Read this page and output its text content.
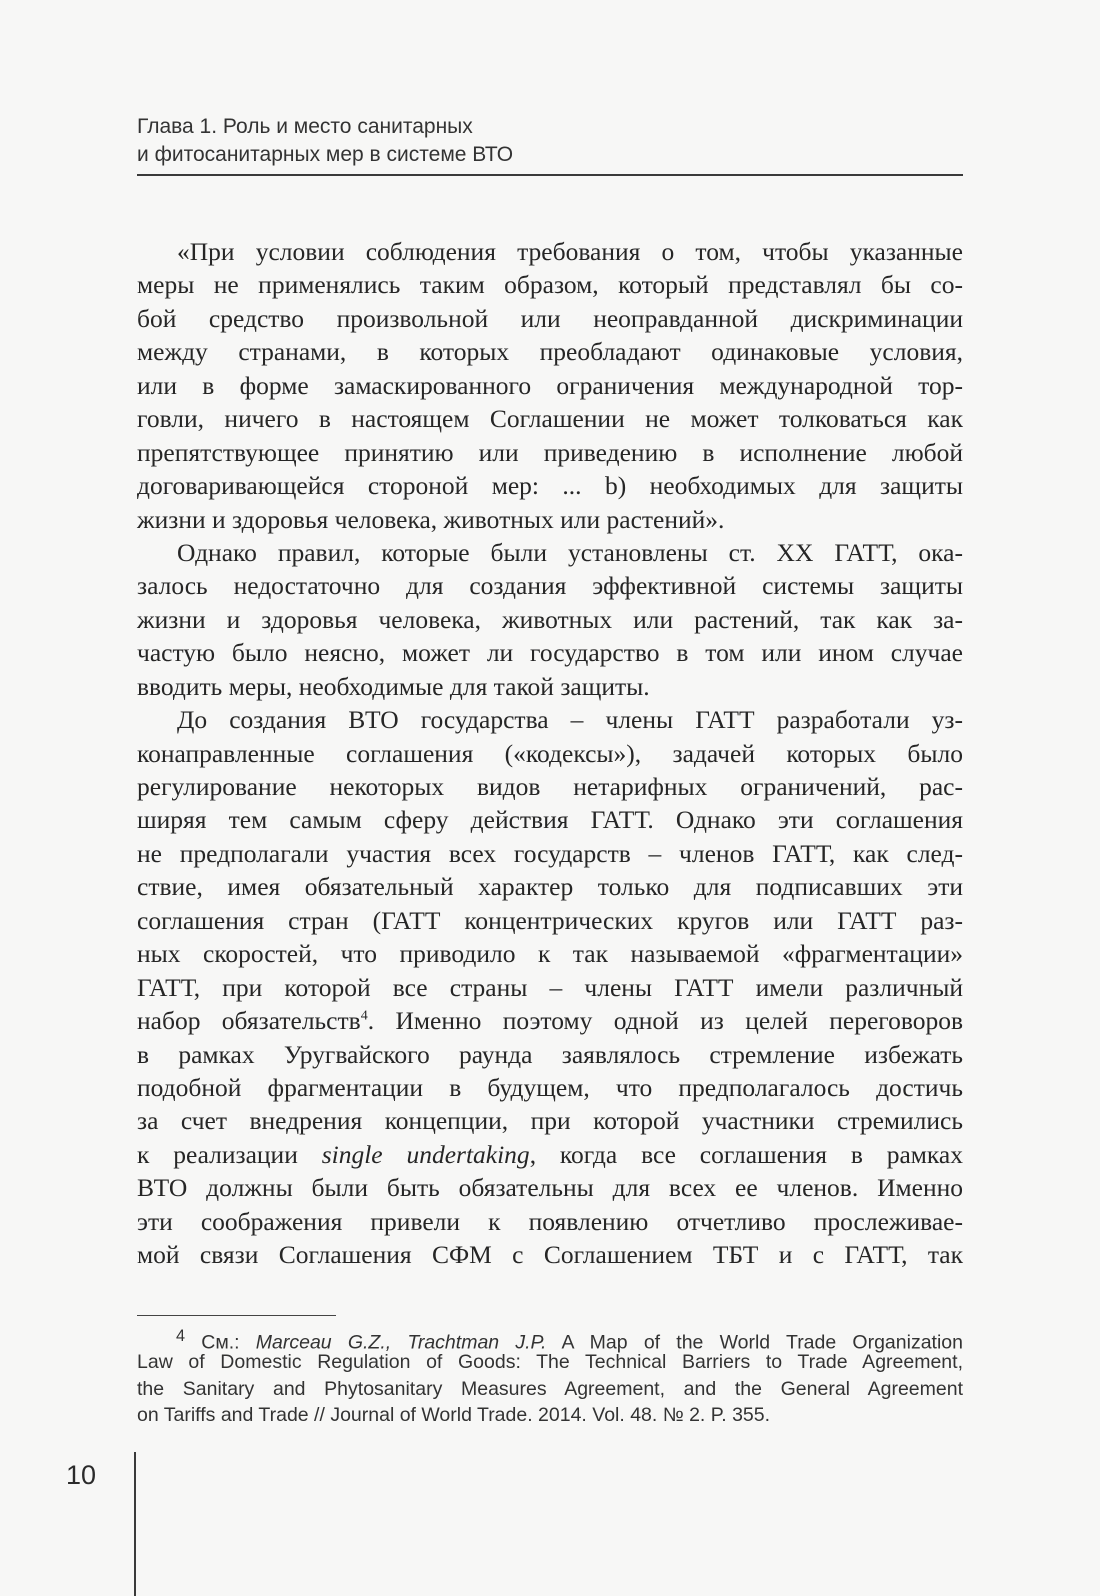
Глава 1. Роль и место санитарных
и фитосанитарных мер в системе ВТО
«При условии соблюдения требования о том, чтобы указанные
меры не применялись таким образом, который представлял бы со-
бой средство произвольной или неоправданной дискриминации
между странами, в которых преобладают одинаковые условия,
или в форме замаскированного ограничения международной тор-
говли, ничего в настоящем Соглашении не может толковаться как
препятствующее принятию или приведению в исполнение любой
договаривающейся стороной мер: ... b) необходимых для защиты
жизни и здоровья человека, животных или растений».
Однако правил, которые были установлены ст. XX ГАТТ, ока-
залось недостаточно для создания эффективной системы защиты
жизни и здоровья человека, животных или растений, так как за-
частую было неясно, может ли государство в том или ином случае
вводить меры, необходимые для такой защиты.
До создания ВТО государства – члены ГАТТ разработали уз-
конаправленные соглашения («кодексы»), задачей которых было
регулирование некоторых видов нетарифных ограничений, рас-
ширяя тем самым сферу действия ГАТТ. Однако эти соглашения
не предполагали участия всех государств – членов ГАТТ, как след-
ствие, имея обязательный характер только для подписавших эти
соглашения стран (ГАТТ концентрических кругов или ГАТТ раз-
ных скоростей, что приводило к так называемой «фрагментации»
ГАТТ, при которой все страны – члены ГАТТ имели различный
набор обязательств$^4$. Именно поэтому одной из целей переговоров
в рамках Уругвайского раунда заявлялось стремление избежать
подобной фрагментации в будущем, что предполагалось достичь
за счет внедрения концепции, при которой участники стремились
к реализации single undertaking, когда все соглашения в рамках
ВТО должны были быть обязательны для всех ее членов. Именно
эти соображения привели к появлению отчетливо прослеживае-
мой связи Соглашения СФМ с Соглашением ТБТ и с ГАТТ, так
$^4$ См.: Marceau G.Z., Trachtman J.P. A Map of the World Trade Organization
Law of Domestic Regulation of Goods: The Technical Barriers to Trade Agreement,
the Sanitary and Phytosanitary Measures Agreement, and the General Agreement
on Tariffs and Trade // Journal of World Trade. 2014. Vol. 48. № 2. P. 355.
10
